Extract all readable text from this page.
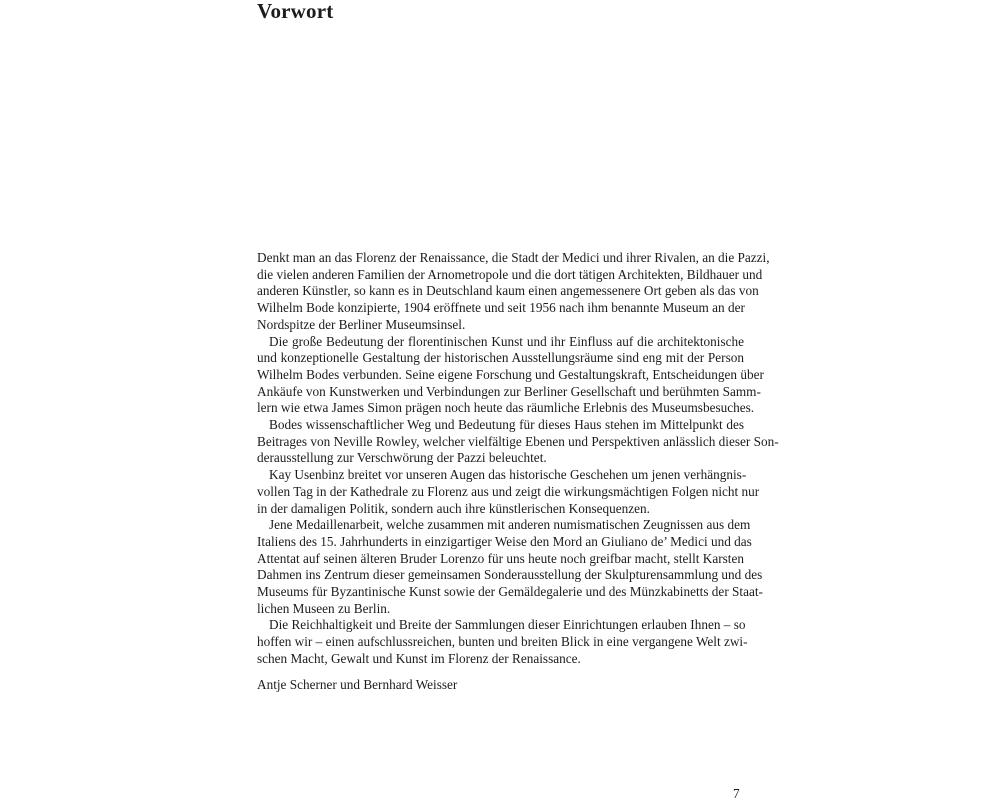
Vorwort

Denkt man an das Florenz der Renaissance, die Stadt der Medici und ihrer Rivalen, an die Pazzi,
die vielen anderen Familien der Arnometropole und die dort tätigen Architekten, Bildhauer und
anderen Künstler, so kann es in Deutschland kaum einen angemessenere Ort geben als das von
Wilhelm Bode konzipierte, 1904 eröffnete und seit 1956 nach ihm benannte Museum an der
Nordspitze der Berliner Museumsinsel.

Die große Bedeutung der florentinischen Kunst und ihr Einfluss auf die architektonische
und konzeptionelle Gestaltung der historischen Ausstellungsräume sind eng mit der Person
Wilhelm Bodes verbunden. Seine eigene Forschung und Gestaltungskraft, Entscheidungen über
Ankäufe von Kunstwerken und Verbindungen zur Berliner Gesellschaft und berühmten Samm-
lern wie etwa James Simon prägen noch heute das räumliche Erlebnis des Museumsbesuches.

Bodes wissenschaftlicher Weg und Bedeutung für dieses Haus stehen im Mittelpunkt des
Beitrages von Neville Rowley, welcher vielfältige Ebenen und Perspektiven anlässlich dieser Son-
derausstellung zur Verschwörung der Pazzi beleuchtet.

Kay Usenbinz breitet vor unseren Augen das historische Geschehen um jenen verhängnis-
vollen Tag in der Kathedrale zu Florenz aus und zeigt die wirkungsmächtigen Folgen nicht nur
in der damaligen Politik, sondern auch ihre künstlerischen Konsequenzen.

Jene Medaillenarbeit, welche zusammen mit anderen numismatischen Zeugnissen aus dem
Italiens des 15. Jahrhunderts in einzigartiger Weise den Mord an Giuliano de’ Medici und das
Attentat auf seinen älteren Bruder Lorenzo für uns heute noch greifbar macht, stellt Karsten
Dahmen ins Zentrum dieser gemeinsamen Sonderausstellung der Skulpturensammlung und des
Museums für Byzantinische Kunst sowie der Gemäldegalerie und des Münzkabinetts der Staat-
lichen Museen zu Berlin.

Die Reichhaltigkeit und Breite der Sammlungen dieser Einrichtungen erlauben Ihnen – so
hoffen wir – einen aufschlussreichen, bunten und breiten Blick in eine vergangene Welt zwi-
schen Macht, Gewalt und Kunst im Florenz der Renaissance.

Antje Scherner und Bernhard Weisser

7
